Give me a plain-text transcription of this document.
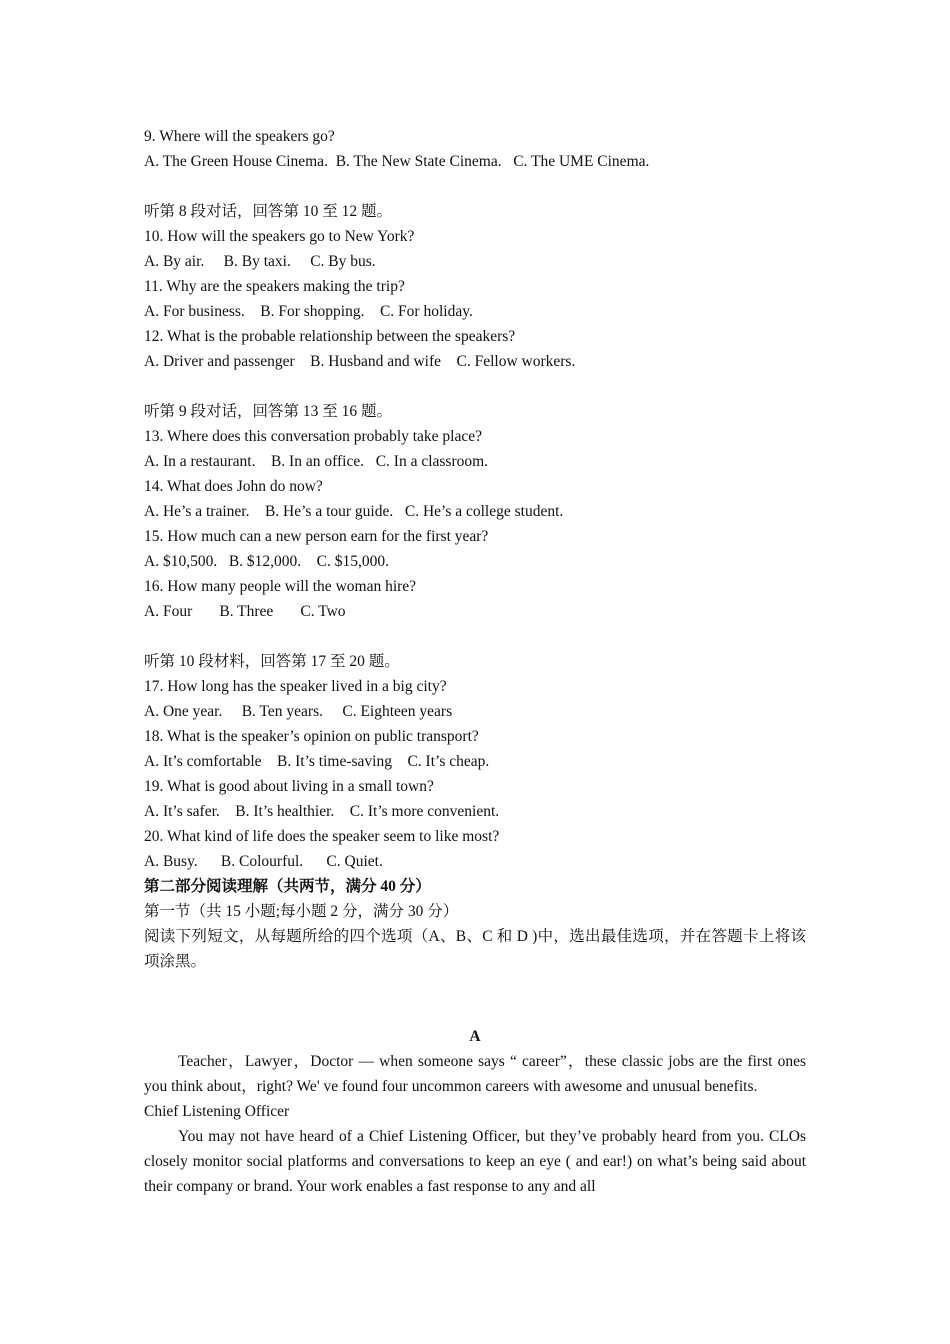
9. Where will the speakers go?
A. The Green House Cinema.  B. The New State Cinema.   C. The UME Cinema.
听第 8 段对话，回答第 10 至 12 题。
10. How will the speakers go to New York?
A. By air.     B. By taxi.     C. By bus.
11. Why are the speakers making the trip?
A. For business.    B. For shopping.    C. For holiday.
12. What is the probable relationship between the speakers?
A. Driver and passenger    B. Husband and wife    C. Fellow workers.
听第 9 段对话，回答第 13 至 16 题。
13. Where does this conversation probably take place?
A. In a restaurant.    B. In an office.   C. In a classroom.
14. What does John do now?
A. He’s a trainer.    B. He’s a tour guide.   C. He’s a college student.
15. How much can a new person earn for the first year?
A. $10,500.   B. $12,000.    C. $15,000.
16. How many people will the woman hire?
A. Four       B. Three       C. Two
听第 10 段材料，回答第 17 至 20 题。
17. How long has the speaker lived in a big city?
A. One year.     B. Ten years.     C. Eighteen years
18. What is the speaker’s opinion on public transport?
A. It’s comfortable    B. It’s time-saving    C. It’s cheap.
19. What is good about living in a small town?
A. It’s safer.    B. It’s healthier.    C. It’s more convenient.
20. What kind of life does the speaker seem to like most?
A. Busy.      B. Colourful.      C. Quiet.
第二部分阅读理解（共两节，满分 40 分）
第一节（共 15 小题;每小题 2 分，满分 30 分）
阅读下列短文，从每题所给的四个选项（A、B、C 和 D )中，选出最佳选项，并在答题卡上将该项涂黑。
A
Teacher，Lawyer，Doctor — when someone says “ career”，these classic jobs are the first ones you think about，right? We' ve found four uncommon careers with awesome and unusual benefits.
Chief Listening Officer
You may not have heard of a Chief Listening Officer, but they’ve probably heard from you. CLOs closely monitor social platforms and conversations to keep an eye ( and ear!) on what’s being said about their company or brand. Your work enables a fast response to any and all
